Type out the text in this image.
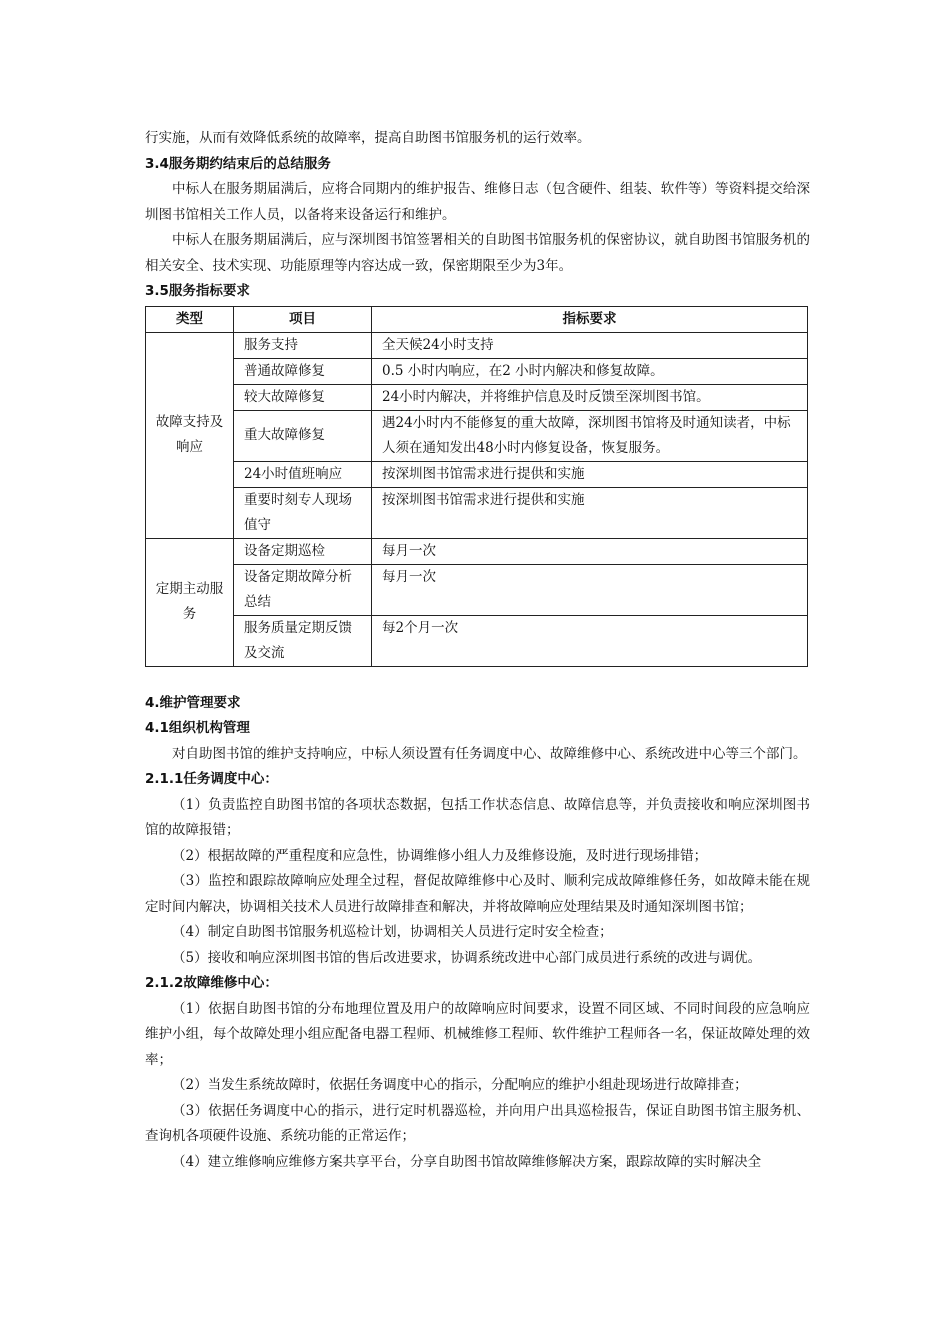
行实施，从而有效降低系统的故障率，提高自助图书馆服务机的运行效率。

3.4服务期约结束后的总结服务

中标人在服务期届满后，应将合同期内的维护报告、维修日志（包含硬件、组装、软件等）等资料提交给深圳图书馆相关工作人员，以备将来设备运行和维护。

中标人在服务期届满后，应与深圳图书馆签署相关的自助图书馆服务机的保密协议，就自助图书馆服务机的相关安全、技术实现、功能原理等内容达成一致，保密期限至少为3年。

3.5服务指标要求
类型	项目	指标要求
故障支持及响应	服务支持	全天候24小时支持
	普通故障修复	0.5 小时内响应，在2 小时内解决和修复故障。
	较大故障修复	24小时内解决，并将维护信息及时反馈至深圳图书馆。
	重大故障修复	遇24小时内不能修复的重大故障，深圳图书馆将及时通知读者，中标人须在通知发出48小时内修复设备，恢复服务。
	24小时值班响应	按深圳图书馆需求进行提供和实施
	重要时刻专人现场值守	按深圳图书馆需求进行提供和实施
定期主动服务	设备定期巡检	每月一次
	设备定期故障分析总结	每月一次
	服务质量定期反馈及交流	每2个月一次
4.维护管理要求
4.1组织机构管理

对自助图书馆的维护支持响应，中标人须设置有任务调度中心、故障维修中心、系统改进中心等三个部门。

2.1.1任务调度中心：

（1）负责监控自助图书馆的各项状态数据，包括工作状态信息、故障信息等，并负责接收和响应深圳图书馆的故障报错；

（2）根据故障的严重程度和应急性，协调维修小组人力及维修设施，及时进行现场排错；

（3）监控和跟踪故障响应处理全过程，督促故障维修中心及时、顺利完成故障维修任务，如故障未能在规定时间内解决，协调相关技术人员进行故障排查和解决，并将故障响应处理结果及时通知深圳图书馆；

（4）制定自助图书馆服务机巡检计划，协调相关人员进行定时安全检查；

（5）接收和响应深圳图书馆的售后改进要求，协调系统改进中心部门成员进行系统的改进与调优。

2.1.2故障维修中心：

（1）依据自助图书馆的分布地理位置及用户的故障响应时间要求，设置不同区域、不同时间段的应急响应维护小组，每个故障处理小组应配备电器工程师、机械维修工程师、软件维护工程师各一名，保证故障处理的效率；

（2）当发生系统故障时，依据任务调度中心的指示，分配响应的维护小组赴现场进行故障排查；

（3）依据任务调度中心的指示，进行定时机器巡检，并向用户出具巡检报告，保证自助图书馆主服务机、查询机各项硬件设施、系统功能的正常运作；

（4）建立维修响应维修方案共享平台，分享自助图书馆故障维修解决方案，跟踪故障的实时解决全
